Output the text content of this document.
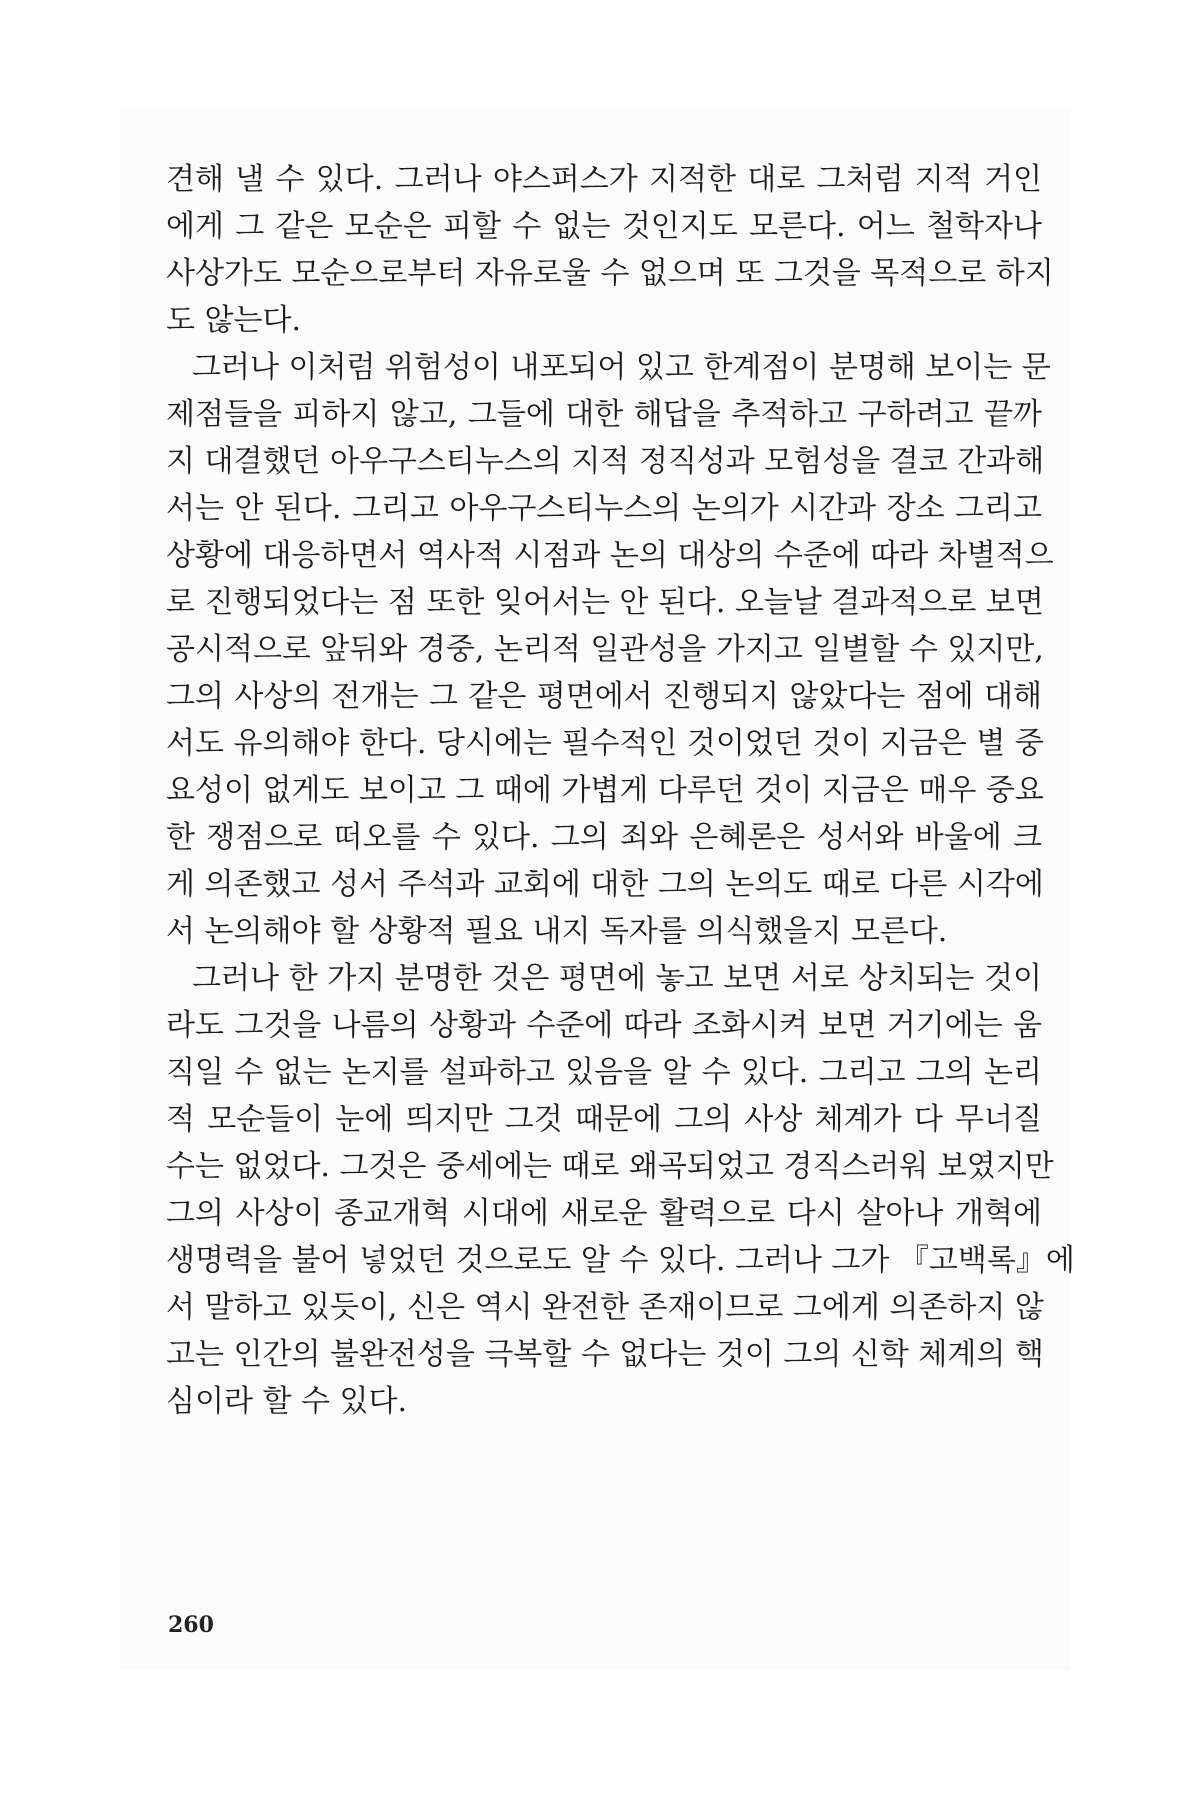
견해 낼 수 있다. 그러나 야스퍼스가 지적한 대로 그처럼 지적 거인
에게 그 같은 모순은 피할 수 없는 것인지도 모른다. 어느 철학자나
사상가도 모순으로부터 자유로울 수 없으며 또 그것을 목적으로 하지
도 않는다.
그러나 이처럼 위험성이 내포되어 있고 한계점이 분명해 보이는 문
제점들을 피하지 않고, 그들에 대한 해답을 추적하고 구하려고 끝까
지 대결했던 아우구스티누스의 지적 정직성과 모험성을 결코 간과해
서는 안 된다. 그리고 아우구스티누스의 논의가 시간과 장소 그리고
상황에 대응하면서 역사적 시점과 논의 대상의 수준에 따라 차별적으
로 진행되었다는 점 또한 잊어서는 안 된다. 오늘날 결과적으로 보면
공시적으로 앞뒤와 경중, 논리적 일관성을 가지고 일별할 수 있지만,
그의 사상의 전개는 그 같은 평면에서 진행되지 않았다는 점에 대해
서도 유의해야 한다. 당시에는 필수적인 것이었던 것이 지금은 별 중
요성이 없게도 보이고 그 때에 가볍게 다루던 것이 지금은 매우 중요
한 쟁점으로 떠오를 수 있다. 그의 죄와 은혜론은 성서와 바울에 크
게 의존했고 성서 주석과 교회에 대한 그의 논의도 때로 다른 시각에
서 논의해야 할 상황적 필요 내지 독자를 의식했을지 모른다.
그러나 한 가지 분명한 것은 평면에 놓고 보면 서로 상치되는 것이
라도 그것을 나름의 상황과 수준에 따라 조화시켜 보면 거기에는 움
직일 수 없는 논지를 설파하고 있음을 알 수 있다. 그리고 그의 논리
적 모순들이 눈에 띄지만 그것 때문에 그의 사상 체계가 다 무너질
수는 없었다. 그것은 중세에는 때로 왜곡되었고 경직스러워 보였지만
그의 사상이 종교개혁 시대에 새로운 활력으로 다시 살아나 개혁에
생명력을 불어 넣었던 것으로도 알 수 있다. 그러나 그가 『고백록』에
서 말하고 있듯이, 신은 역시 완전한 존재이므로 그에게 의존하지 않
고는 인간의 불완전성을 극복할 수 없다는 것이 그의 신학 체계의 핵
심이라 할 수 있다.
260
